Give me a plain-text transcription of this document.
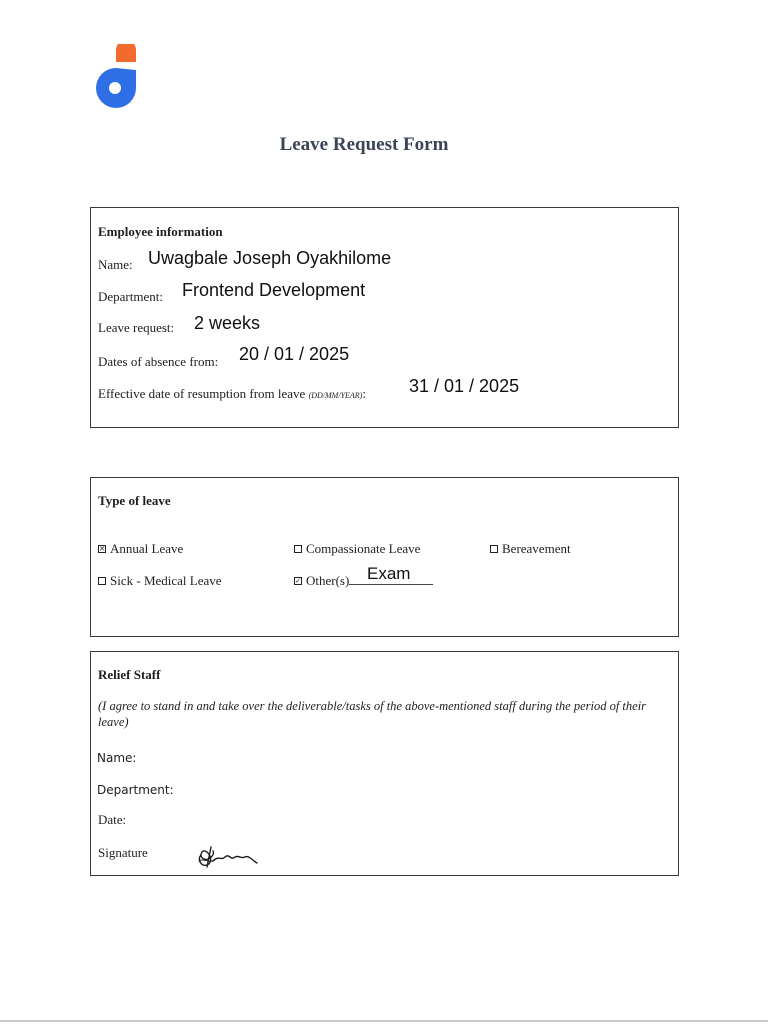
Leave Request Form
Employee information
Name: Uwagbale Joseph Oyakhilome
Department: Frontend Development
Leave request: 2 weeks
Dates of absence from: 20 / 01 / 2025
Effective date of resumption from leave (DD/MM/YEAR): 31 / 01 / 2025
Type of leave
✕Annual Leave	Compassionate Leave	Bereavement
Sick - Medical Leave
✓	Other(s)	Exam
Relief Staff
(I agree to stand in and take over the deliverable/tasks of the above-mentioned staff during the period of their leave)
Name:
Department:
Date:
Signature
